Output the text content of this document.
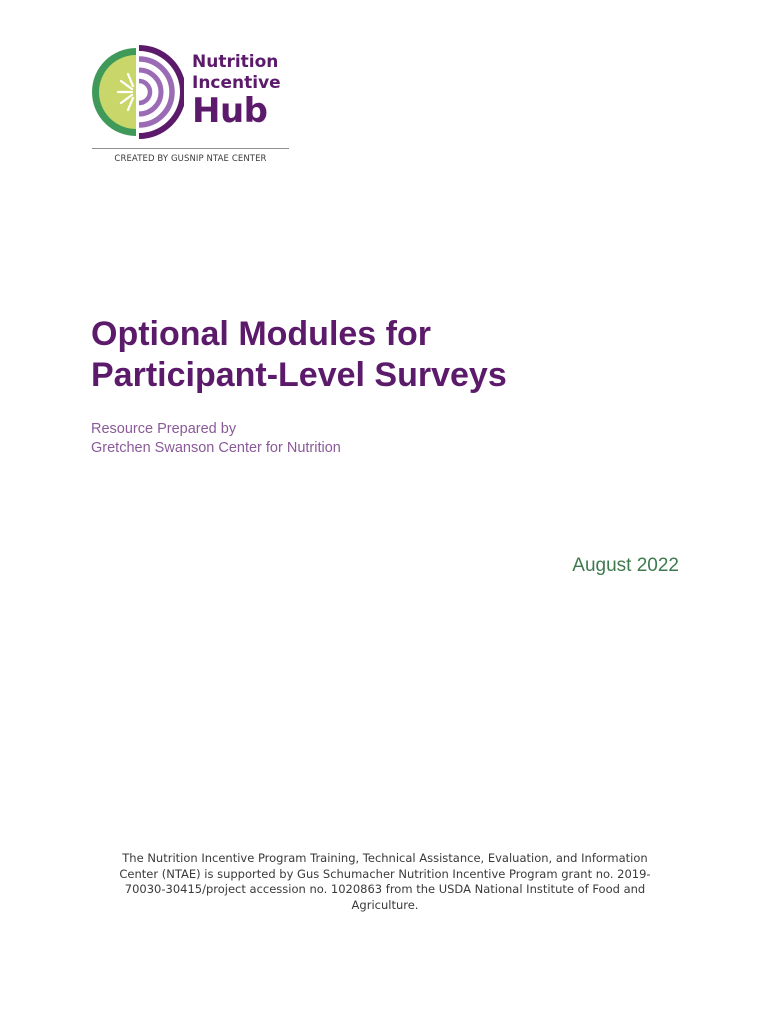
Nutrition
Incentive
Hub
CREATED BY GUSNIP NTAE CENTER
Optional Modules for
Participant-Level Surveys
Resource Prepared by
Gretchen Swanson Center for Nutrition
August 2022
The Nutrition Incentive Program Training, Technical Assistance, Evaluation, and Information
Center (NTAE) is supported by Gus Schumacher Nutrition Incentive Program grant no. 2019-
70030-30415/project accession no. 1020863 from the USDA National Institute of Food and
Agriculture.
